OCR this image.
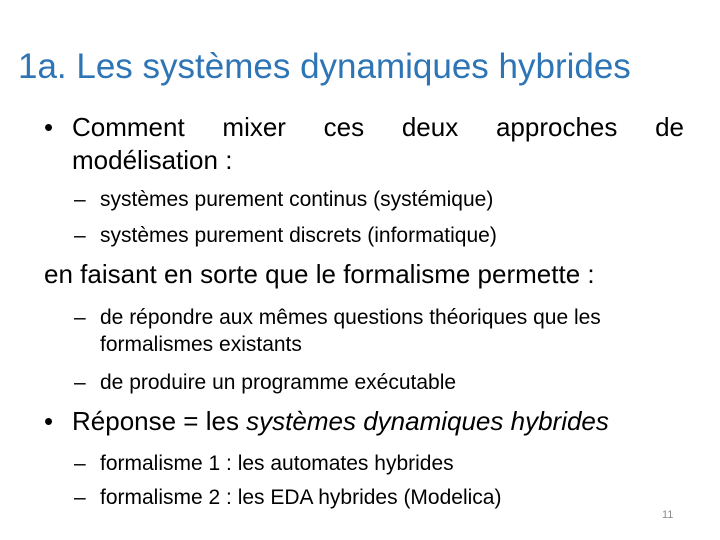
1a. Les systèmes dynamiques hybrides
• Comment mixer ces deux approches de modélisation :
– systèmes purement continus (systémique)
– systèmes purement discrets (informatique)
en faisant en sorte que le formalisme permette :
– de répondre aux mêmes questions théoriques que les formalismes existants
– de produire un programme exécutable
• Réponse = les systèmes dynamiques hybrides
– formalisme 1 : les automates hybrides
– formalisme 2 : les EDA hybrides (Modelica)
11
